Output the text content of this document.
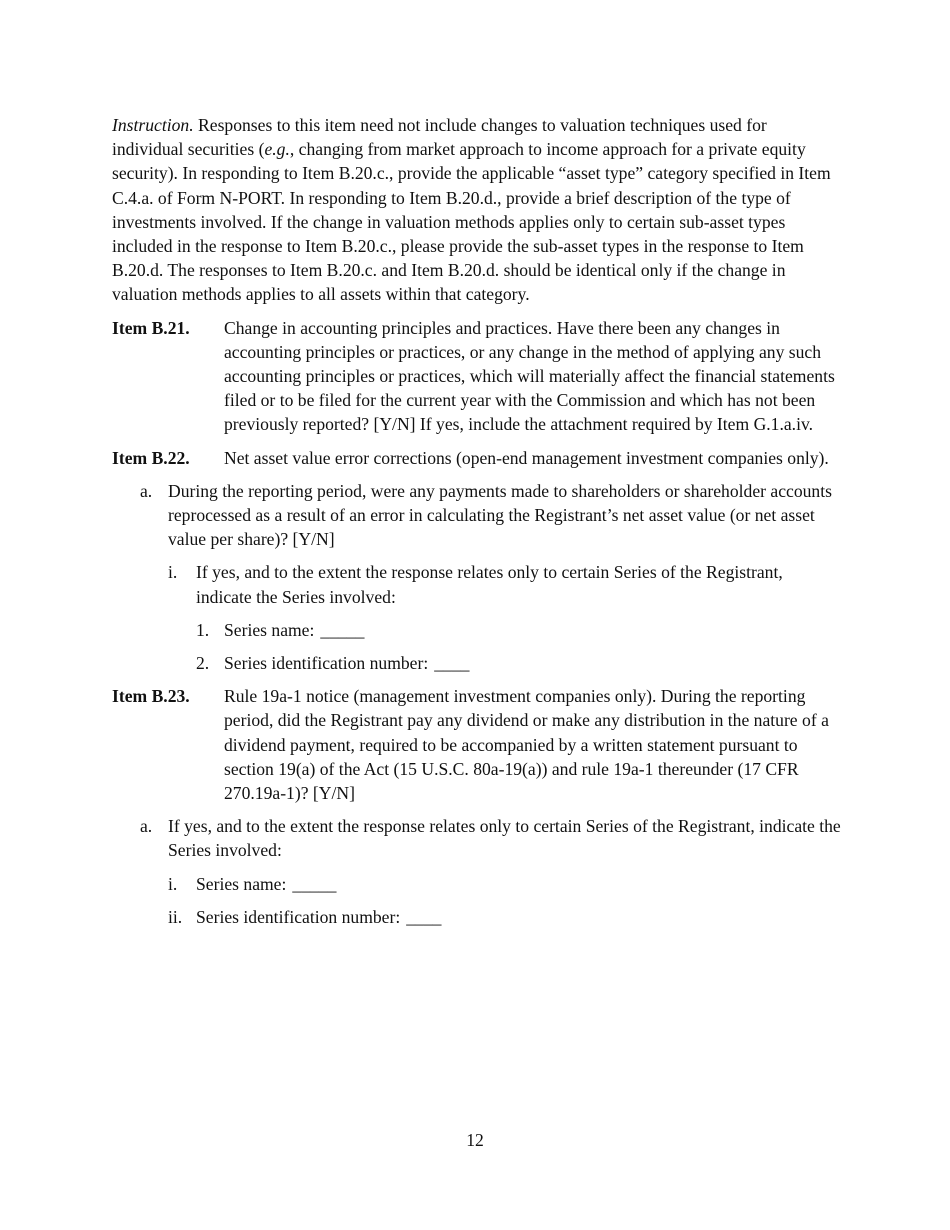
Instruction. Responses to this item need not include changes to valuation techniques used for individual securities (e.g., changing from market approach to income approach for a private equity security). In responding to Item B.20.c., provide the applicable “asset type” category specified in Item C.4.a. of Form N-PORT. In responding to Item B.20.d., provide a brief description of the type of investments involved. If the change in valuation methods applies only to certain sub-asset types included in the response to Item B.20.c., please provide the sub-asset types in the response to Item B.20.d. The responses to Item B.20.c. and Item B.20.d. should be identical only if the change in valuation methods applies to all assets within that category.

Item B.21.	Change in accounting principles and practices. Have there been any changes in accounting principles or practices, or any change in the method of applying any such accounting principles or practices, which will materially affect the financial statements filed or to be filed for the current year with the Commission and which has not been previously reported? [Y/N] If yes, include the attachment required by Item G.1.a.iv.
Item B.22.	Net asset value error corrections (open-end management investment companies only).
a. During the reporting period, were any payments made to shareholders or shareholder accounts reprocessed as a result of an error in calculating the Registrant’s net asset value (or net asset value per share)? [Y/N]
i.	If yes, and to the extent the response relates only to certain Series of the Registrant, indicate the Series involved:
1. Series name: _____
2. Series identification number: ____
Item B.23.	Rule 19a-1 notice (management investment companies only). During the reporting period, did the Registrant pay any dividend or make any distribution in the nature of a dividend payment, required to be accompanied by a written statement pursuant to section 19(a) of the Act (15 U.S.C. 80a-19(a)) and rule 19a-1 thereunder (17 CFR 270.19a-1)? [Y/N]
a. If yes, and to the extent the response relates only to certain Series of the Registrant, indicate the Series involved:
i.	Series name: _____
ii. Series identification number: ____
12
